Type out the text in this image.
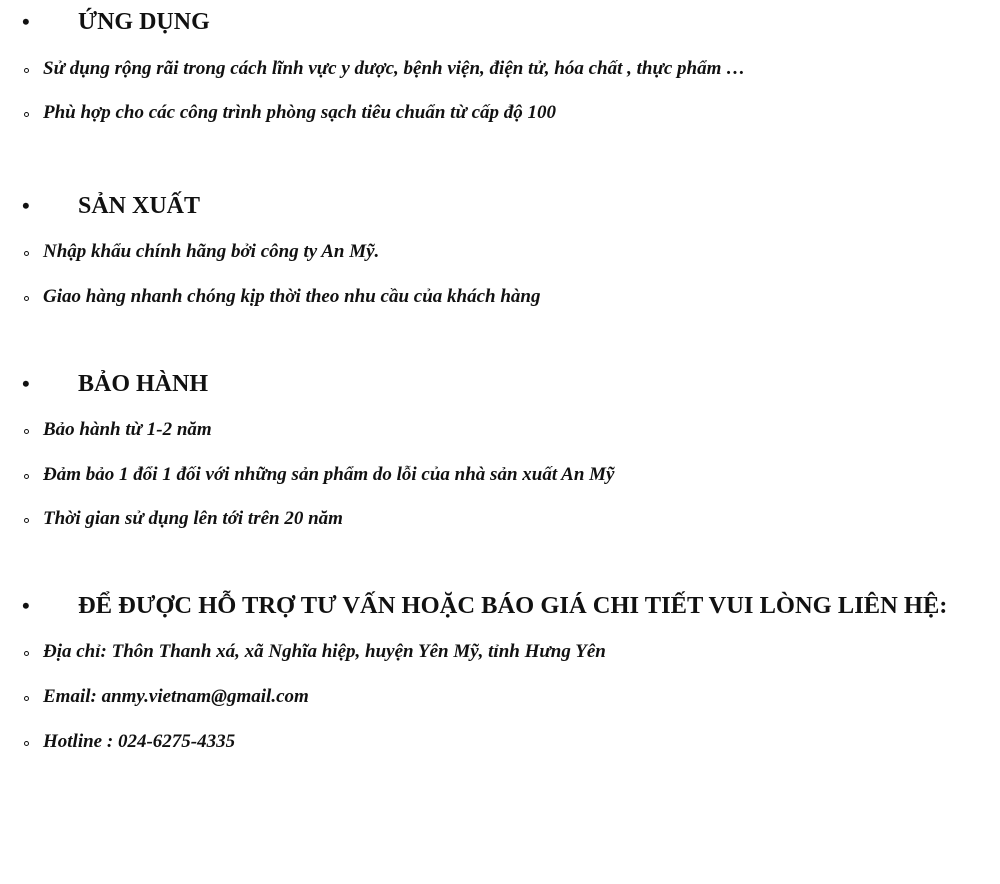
• ỨNG DỤNG
Sử dụng rộng rãi trong cách lĩnh vực y dược, bệnh viện, điện tử, hóa chất , thực phẩm …
Phù hợp cho các công trình phòng sạch tiêu chuẩn từ cấp độ 100
• SẢN XUẤT
Nhập khẩu chính hãng bởi công ty An Mỹ.
Giao hàng nhanh chóng kịp thời theo nhu cầu của khách hàng
• BẢO HÀNH
Bảo hành từ 1-2 năm
Đảm bảo 1 đổi 1 đối với những sản phẩm do lỗi của nhà sản xuất An Mỹ
Thời gian sử dụng lên tới trên 20 năm
• ĐỂ ĐƯỢC HỖ TRỢ TƯ VẤN HOẶC BÁO GIÁ CHI TIẾT VUI LÒNG LIÊN HỆ:
Địa chỉ: Thôn Thanh xá, xã Nghĩa hiệp, huyện Yên Mỹ, tỉnh Hưng Yên
Email: anmy.vietnam@gmail.com
Hotline : 024-6275-4335
